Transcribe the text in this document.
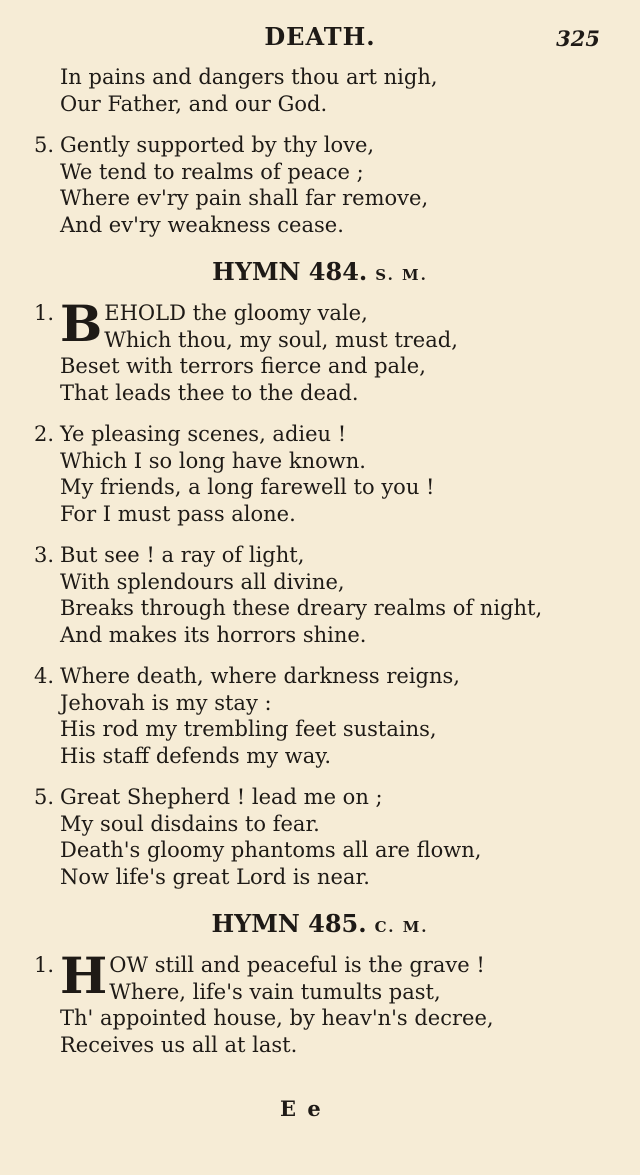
DEATH.	325
In pains and dangers thou art nigh,
Our Father, and our God.
5. Gently supported by thy love,
We tend to realms of peace ;
Where ev'ry pain shall far remove,
And ev'ry weakness cease.
HYMN 484. S. M.
1. B EHOLD the gloomy vale,
Which thou, my soul, must tread,
Beset with terrors fierce and pale,
That leads thee to the dead.
2. Ye pleasing scenes, adieu !
Which I so long have known.
My friends, a long farewell to you !
For I must pass alone.
3. But see ! a ray of light,
With splendours all divine,
Breaks through these dreary realms of night,
And makes its horrors shine.
4. Where death, where darkness reigns,
Jehovah is my stay :
His rod my trembling feet sustains,
His staff defends my way.
5. Great Shepherd ! lead me on ;
My soul disdains to fear.
Death's gloomy phantoms all are flown,
Now life's great Lord is near.
HYMN 485. C. M.
1. H OW still and peaceful is the grave !
Where, life's vain tumults past,
Th' appointed house, by heav'n's decree,
Receives us all at last.
E e
